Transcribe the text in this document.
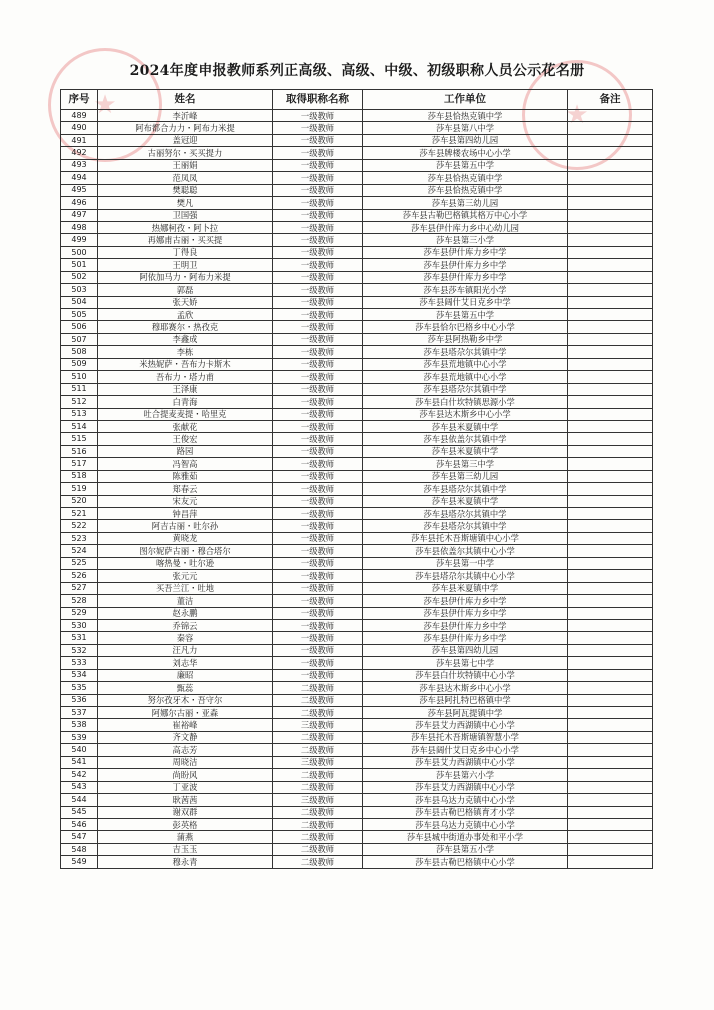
★	★
2024年度申报教师系列正高级、高级、中级、初级职称人员公示花名册
序号	姓名	取得职称名称	工作单位	备注
489	李沂峰	一级教师	莎车县恰热克镇中学	
490	阿布都合力力・阿布力米提	一级教师	莎车县第八中学	
491	盖冠迎	一级教师	莎车县第四幼儿园	
492	古丽努尔・买买提力	一级教师	莎车县牌楼农场中心小学	
493	王丽娟	一级教师	莎车县第五中学	
494	范凤凤	一级教师	莎车县恰热克镇中学	
495	樊聪聪	一级教师	莎车县恰热克镇中学	
496	樊凡	一级教师	莎车县第三幼儿园	
497	卫国强	一级教师	莎车县古勒巴格镇其格万中心小学	
498	热娜柯孜・阿卜拉	一级教师	莎车县伊什库力乡中心幼儿园	
499	再娜甫古丽・买买提	一级教师	莎车县第三小学	
500	丁得良	一级教师	莎车县伊什库力乡中学	
501	王明卫	一级教师	莎车县伊什库力乡中学	
502	阿依加马力・阿布力米提	一级教师	莎车县伊什库力乡中学	
503	郭磊	一级教师	莎车县莎车镇阳光小学	
504	张天娇	一级教师	莎车县阔什艾日克乡中学	
505	孟欣	一级教师	莎车县第五中学	
506	穆耶赛尔・热孜克	一级教师	莎车县恰尔巴格乡中心小学	
507	李鑫成	一级教师	莎车县阿热勒乡中学	
508	李栋	一级教师	莎车县塔尕尔其镇中学	
509	米热妮萨・吾布力卡斯木	一级教师	莎车县荒地镇中心小学	
510	吾布力・塔力甫	一级教师	莎车县荒地镇中心小学	
511	王泽康	一级教师	莎车县塔尕尔其镇中学	
512	白青海	一级教师	莎车县白什坎特镇思源小学	
513	吐合提麦麦提・哈里克	一级教师	莎车县达木斯乡中心小学	
514	张献花	一级教师	莎车县米夏镇中学	
515	王俊宏	一级教师	莎车县依盖尔其镇中学	
516	路园	一级教师	莎车县米夏镇中学	
517	冯智高	一级教师	莎车县第三中学	
518	陈雅茹	一级教师	莎车县第三幼儿园	
519	郑春云	一级教师	莎车县塔尕尔其镇中学	
520	宋友元	一级教师	莎车县米夏镇中学	
521	钟昌萍	一级教师	莎车县塔尕尔其镇中学	
522	阿吉古丽・吐尔孙	一级教师	莎车县塔尕尔其镇中学	
523	黄晓龙	一级教师	莎车县托木吾斯塘镇中心小学	
524	图尔妮萨古丽・穆合塔尔	一级教师	莎车县依盖尔其镇中心小学	
525	喀热曼・吐尔逊	一级教师	莎车县第一中学	
526	张元元	一级教师	莎车县塔尕尔其镇中心小学	
527	买吾兰江・吐地	一级教师	莎车县米夏镇中学	
528	董洁	一级教师	莎车县伊什库力乡中学	
529	赵永鹏	一级教师	莎车县伊什库力乡中学	
530	乔锦云	一级教师	莎车县伊什库力乡中学	
531	秦容	一级教师	莎车县伊什库力乡中学	
532	汪凡力	一级教师	莎车县第四幼儿园	
533	刘志华	一级教师	莎车县第七中学	
534	廉昭	一级教师	莎车县白什坎特镇中心小学	
535	甄蕊	二级教师	莎车县达木斯乡中心小学	
536	努尔孜牙木・吾守尔	二级教师	莎车县阿扎特巴格镇中学	
537	阿娜尔古丽・亚森	二级教师	莎车县阿瓦提镇中学	
538	崔裕峰	三级教师	莎车县艾力西湖镇中心小学	
539	齐文静	二级教师	莎车县托木吾斯塘镇智慧小学	
540	高志芳	二级教师	莎车县阔什艾日克乡中心小学	
541	周晓洁	三级教师	莎车县艾力西湖镇中心小学	
542	尚盼风	二级教师	莎车县第六小学	
543	丁亚波	二级教师	莎车县艾力西湖镇中心小学	
544	耿茜茜	三级教师	莎车县乌达力克镇中心小学	
545	谢双群	二级教师	莎车县古勒巴格镇育才小学	
546	彭英格	二级教师	莎车县乌达力克镇中心小学	
547	蒲燕	二级教师	莎车县城中街道办事处和平小学	
548	吉玉玉	二级教师	莎车县第五小学	
549	穆永青	二级教师	莎车县古勒巴格镇中心小学	
